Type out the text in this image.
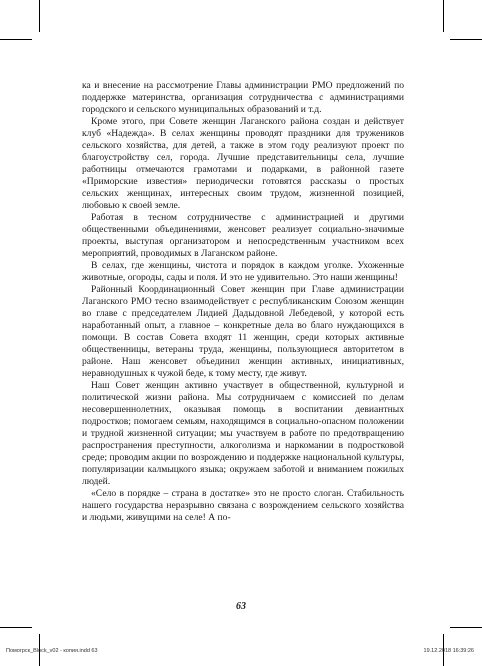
ка и внесение на рассмотрение Главы администрации РМО предложений по поддержке материнства, организация сотрудничества с администрациями городского и сельского муниципальных образований и т.д.

Кроме этого, при Совете женщин Лаганского района создан и действует клуб «Надежда». В селах женщины проводят праздники для тружеников сельского хозяйства, для детей, а также в этом году реализуют проект по благоустройству сел, города. Лучшие представительницы села, лучшие работницы отмечаются грамотами и подарками, в районной газете «Приморские известия» периодически готовятся рассказы о простых сельских женщинах, интересных своим трудом, жизненной позицией, любовью к своей земле.

Работая в тесном сотрудничестве с администрацией и другими общественными объединениями, женсовет реализует социально-значимые проекты, выступая организатором и непосредственным участником всех мероприятий, проводимых в Лаганском районе.

В селах, где женщины, чистота и порядок в каждом уголке. Ухоженные животные, огороды, сады и поля. И это не удивительно. Это наши женщины!

Районный Координационный Совет женщин при Главе администрации Лаганского РМО тесно взаимодействует с республиканским Союзом женщин во главе с председателем Лидией Дадыдовной Лебедевой, у которой есть наработанный опыт, а главное – конкретные дела во благо нуждающихся в помощи. В состав Совета входят 11 женщин, среди которых активные общественницы, ветераны труда, женщины, пользующиеся авторитетом в районе. Наш женсовет объединил женщин активных, инициативных, неравнодушных к чужой беде, к тому месту, где живут.

Наш Совет женщин активно участвует в общественной, культурной и политической жизни района. Мы сотрудничаем с комиссией по делам несовершеннолетних, оказывая помощь в воспитании девиантных подростков; помогаем семьям, находящимся в социально-опасном положении и трудной жизненной ситуации; мы участвуем в работе по предотвращению распространения преступности, алкоголизма и наркомании в подростковой среде; проводим акции по возрождению и поддержке национальной культуры, популяризации калмыцкого языка; окружаем заботой и вниманием пожилых людей.

«Село в порядке – страна в достатке» это не просто слоган. Стабильность нашего государства неразрывно связана с возрождением сельского хозяйства и людьми, живущими на селе! А по-

63
Помогрск_Block_v02 - копия.indd 63	19.12.2018 16:39:26
